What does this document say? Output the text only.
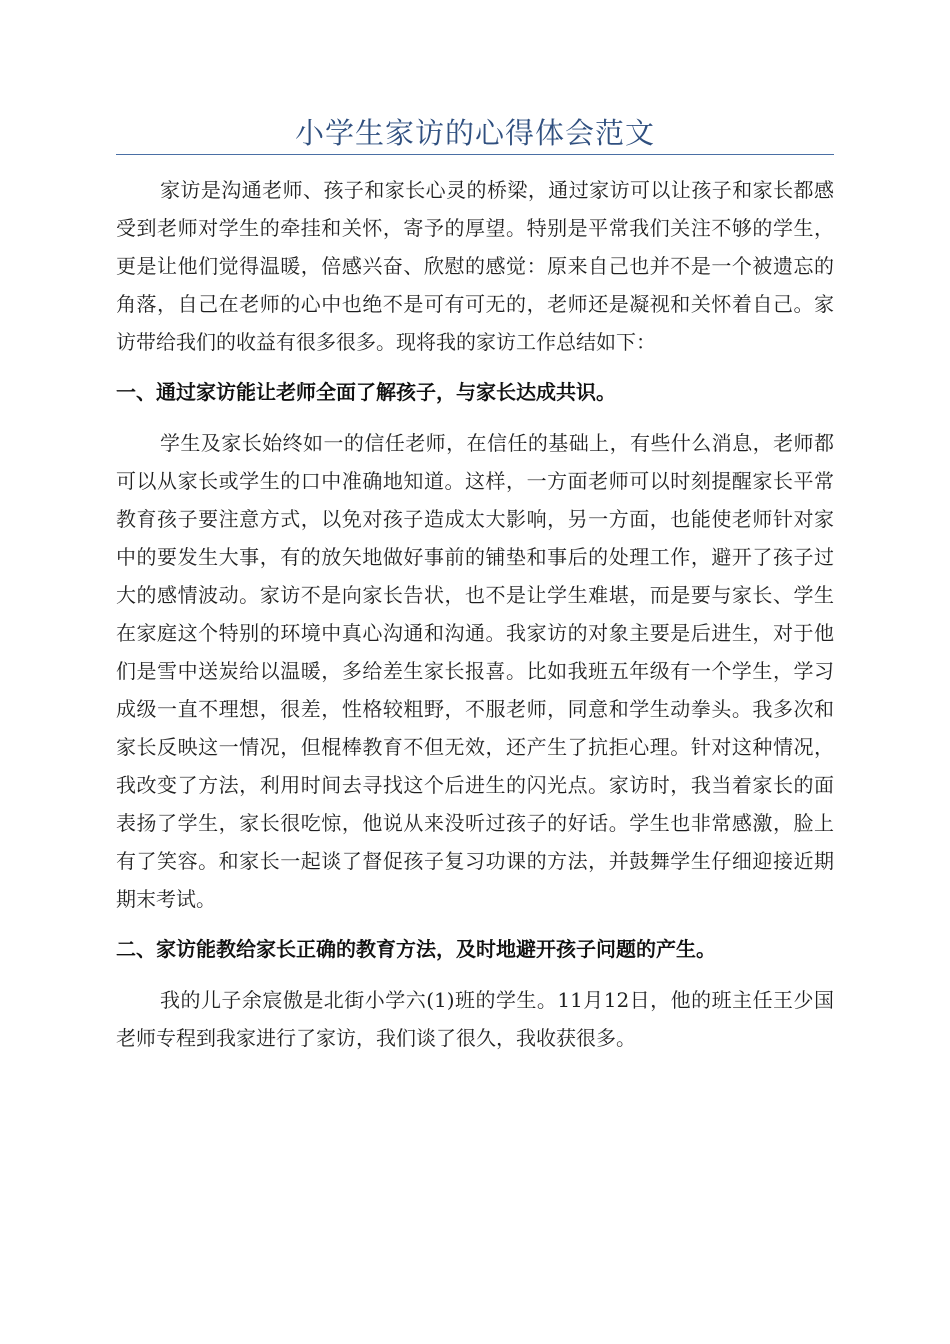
小学生家访的心得体会范文

家访是沟通老师、孩子和家长心灵的桥梁，通过家访可以让孩子和家长都感受到老师对学生的牵挂和关怀，寄予的厚望。特别是平常我们关注不够的学生，更是让他们觉得温暖，倍感兴奋、欣慰的感觉：原来自己也并不是一个被遗忘的角落，自己在老师的心中也绝不是可有可无的，老师还是凝视和关怀着自己。家访带给我们的收益有很多很多。现将我的家访工作总结如下：

一、通过家访能让老师全面了解孩子，与家长达成共识。

学生及家长始终如一的信任老师，在信任的基础上，有些什么消息，老师都可以从家长或学生的口中准确地知道。这样，一方面老师可以时刻提醒家长平常教育孩子要注意方式，以免对孩子造成太大影响，另一方面，也能使老师针对家中的要发生大事，有的放矢地做好事前的铺垫和事后的处理工作，避开了孩子过大的感情波动。家访不是向家长告状，也不是让学生难堪，而是要与家长、学生在家庭这个特别的环境中真心沟通和沟通。我家访的对象主要是后进生，对于他们是雪中送炭给以温暖，多给差生家长报喜。比如我班五年级有一个学生，学习成级一直不理想，很差，性格较粗野，不服老师，同意和学生动拳头。我多次和家长反映这一情况，但棍棒教育不但无效，还产生了抗拒心理。针对这种情况，我改变了方法，利用时间去寻找这个后进生的闪光点。家访时，我当着家长的面表扬了学生，家长很吃惊，他说从来没听过孩子的好话。学生也非常感激，脸上有了笑容。和家长一起谈了督促孩子复习功课的方法，并鼓舞学生仔细迎接近期期末考试。

二、家访能教给家长正确的教育方法，及时地避开孩子问题的产生。

我的儿子余宸傲是北街小学六(1)班的学生。11月12日，他的班主任王少国老师专程到我家进行了家访，我们谈了很久，我收获很多。
